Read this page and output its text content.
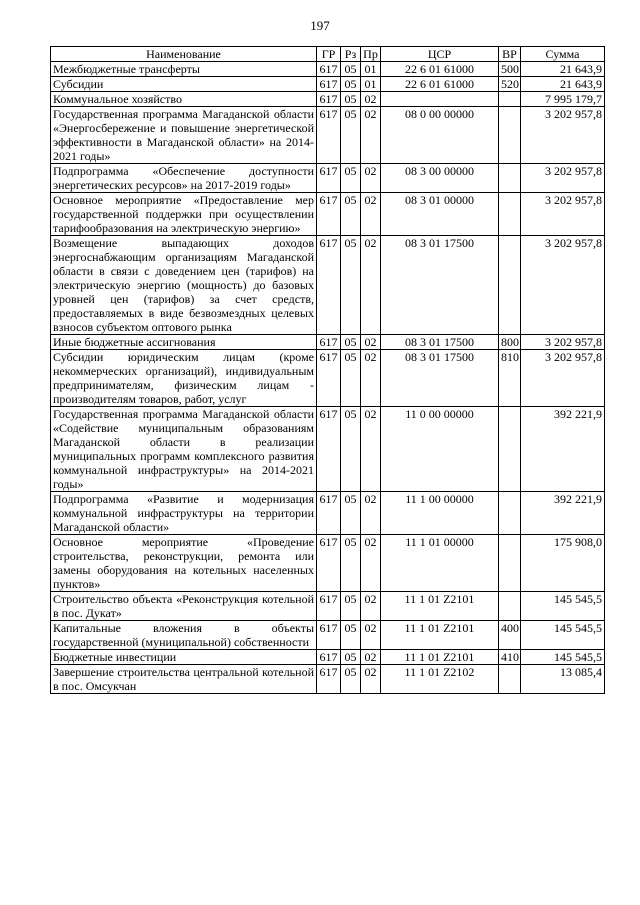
197
Наименование	ГР	Рз	Пр	ЦСР	ВР	Сумма
Межбюджетные трансферты	617	05	01	22 6 01 61000	500	21 643,9
Субсидии	617	05	01	22 6 01 61000	520	21 643,9
Коммунальное хозяйство	617	05	02			7 995 179,7
Государственная программа Магаданской области «Энергосбережение и повышение энергетической эффективности в Магаданской области» на 2014-2021 годы»	617	05	02	08 0 00 00000		3 202 957,8
Подпрограмма «Обеспечение доступности энергетических ресурсов» на 2017-2019 годы»	617	05	02	08 3 00 00000		3 202 957,8
Основное мероприятие «Предоставление мер государственной поддержки при осуществлении тарифообразования на электрическую энергию»	617	05	02	08 3 01 00000		3 202 957,8
Возмещение выпадающих доходов энергоснабжающим организациям Магаданской области в связи с доведением цен (тарифов) на электрическую энергию (мощность) до базовых уровней цен (тарифов) за счет средств, предоставляемых в виде безвозмездных целевых взносов субъектом оптового рынка	617	05	02	08 3 01 17500		3 202 957,8
Иные бюджетные ассигнования	617	05	02	08 3 01 17500	800	3 202 957,8
Субсидии юридическим лицам (кроме некоммерческих организаций), индивидуальным предпринимателям, физическим лицам - производителям товаров, работ, услуг	617	05	02	08 3 01 17500	810	3 202 957,8
Государственная программа Магаданской области «Содействие муниципальным образованиям Магаданской области в реализации муниципальных программ комплексного развития коммунальной инфраструктуры» на 2014-2021 годы»	617	05	02	11 0 00 00000		392 221,9
Подпрограмма «Развитие и модернизация коммунальной инфраструктуры на территории Магаданской области»	617	05	02	11 1 00 00000		392 221,9
Основное мероприятие «Проведение строительства, реконструкции, ремонта или замены оборудования на котельных населенных пунктов»	617	05	02	11 1 01 00000		175 908,0
Строительство объекта «Реконструкция котельной в пос. Дукат»	617	05	02	11 1 01 Z2101		145 545,5
Капитальные вложения в объекты государственной (муниципальной) собственности	617	05	02	11 1 01 Z2101	400	145 545,5
Бюджетные инвестиции	617	05	02	11 1 01 Z2101	410	145 545,5
Завершение строительства центральной котельной в пос. Омсукчан	617	05	02	11 1 01 Z2102		13 085,4
